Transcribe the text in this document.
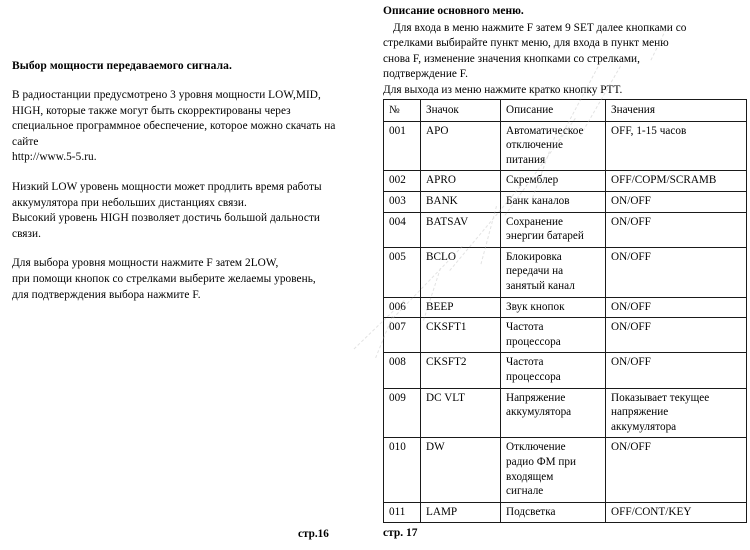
Выбор мощности передаваемого сигнала.

В радиостанции предусмотрено 3 уровня мощности LOW,MID,
HIGH, которые также могут быть скорректированы через
специальное программное обеспечение, которое можно скачать на
сайте
http://www.5-5.ru.

Низкий LOW уровень мощности может продлить время работы
аккумулятора при небольших дистанциях связи.
Высокий уровень HIGH позволяет достичь большой дальности
связи.

Для выбора уровня мощности нажмите F затем 2LOW,
при помощи кнопок со стрелками выберите желаемы уровень,
для подтверждения выбора нажмите F.

стр.16
Описание основного меню.

Для входа в меню нажмите F затем 9 SET далее кнопками со
стрелками выбирайте пункт меню, для входа в пункт меню
снова F, изменение значения кнопками со стрелками,
подтверждение F.

Для выхода из меню нажмите кратко кнопку PTT.
№	Значок	Описание	Значения
001	APO	Автоматическое
отключение
питания	OFF, 1-15 часов

002	APRO	Скремблер	OFF/COPM/SCRAMB

003	BANK	Банк каналов	ON/OFF

004	BATSAV	Сохранение
энергии батарей	ON/OFF

005	BCLO	Блокировка
передачи на
занятый канал	ON/OFF

006	BEEP	Звук кнопок	ON/OFF

007	CKSFT1	Частота
процессора	ON/OFF

008	CKSFT2	Частота
процессора	ON/OFF

009	DC VLT	Напряжение
аккумулятора	Показывает текущее
напряжение
аккумулятора

010	DW	Отключение
радио ФМ при
входящем
сигнале	ON/OFF

011	LAMP	Подсветка	OFF/CONT/KEY
стр. 17
